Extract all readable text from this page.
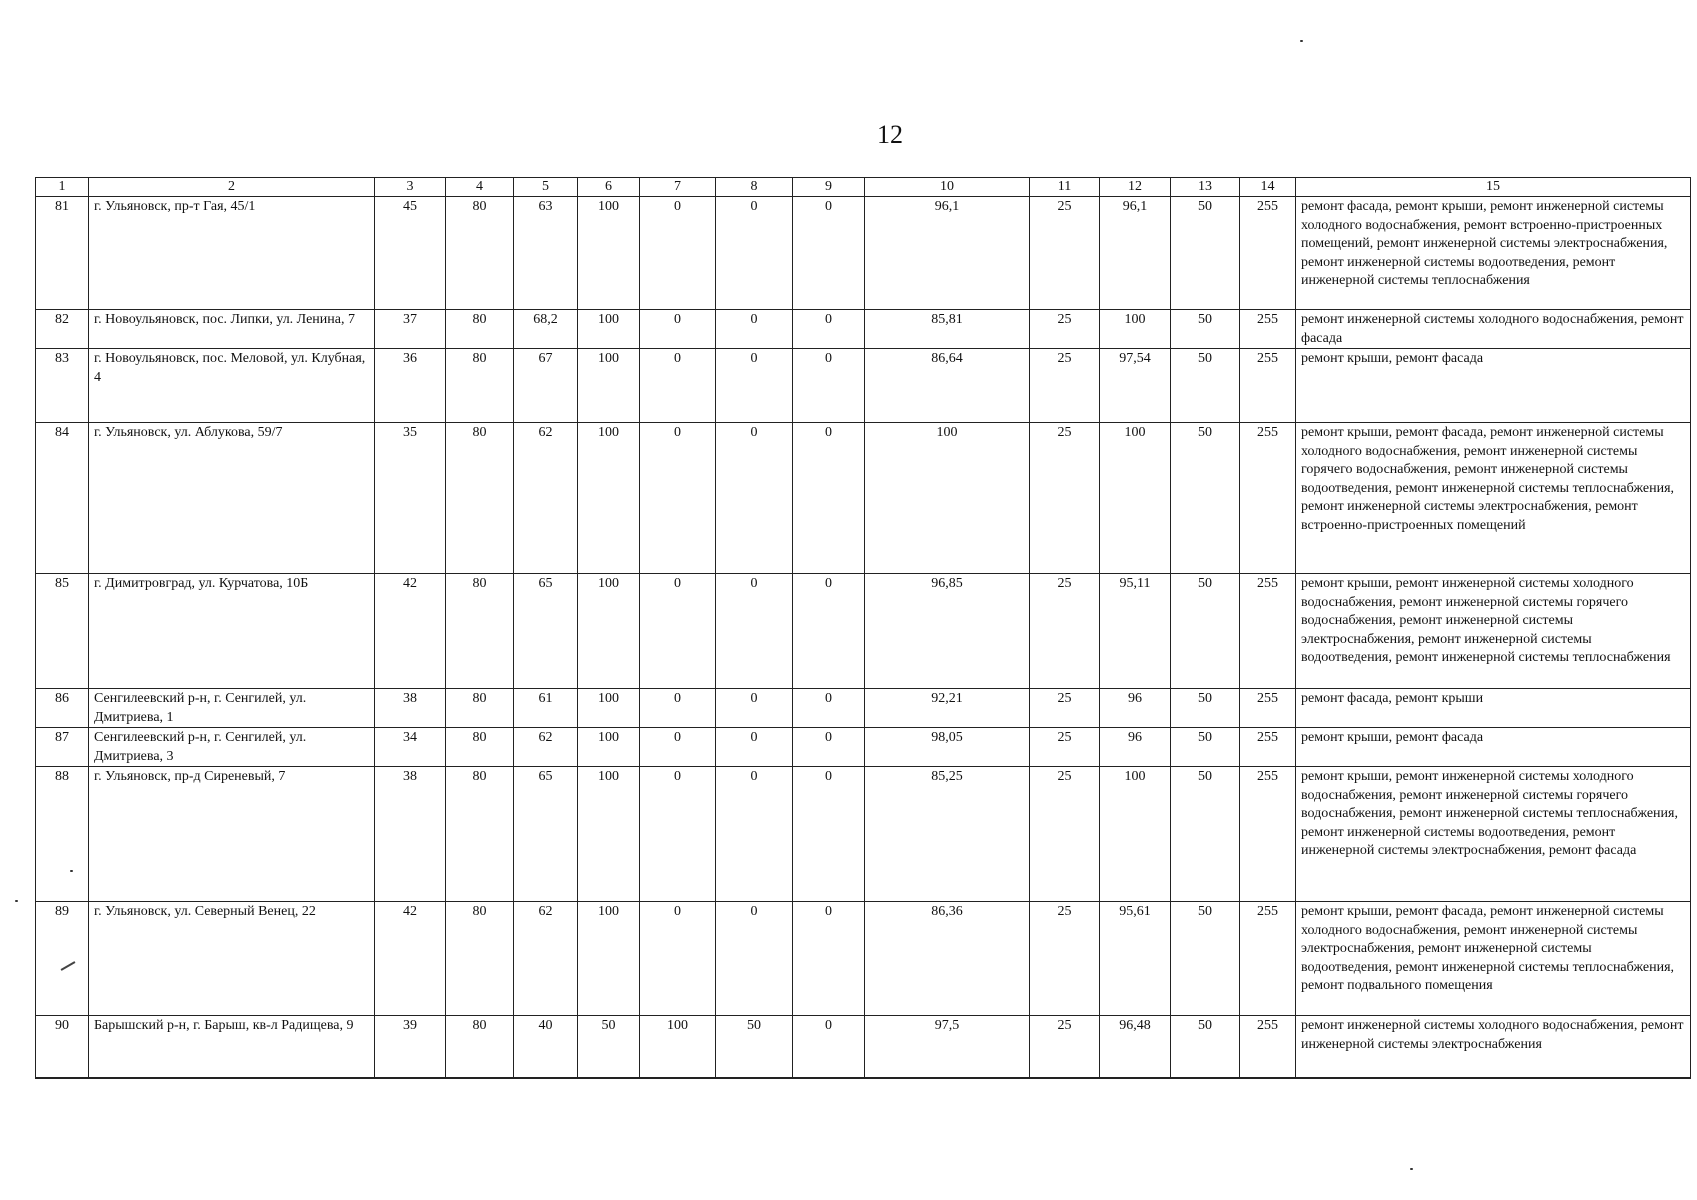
12
1	2	3	4	5	6	7	8	9	10	11	12	13	14	15
81	г. Ульяновск, пр-т Гая, 45/1	45	80	63	100	0	0	0	96,1	25	96,1	50	255	ремонт фасада, ремонт крыши, ремонт инженерной системы холодного водоснабжения, ремонт встроенно-пристроенных помещений, ремонт инженерной системы электроснабжения, ремонт инженерной системы водоотведения, ремонт инженерной системы теплоснабжения
82	г. Новоульяновск, пос. Липки, ул. Ленина, 7	37	80	68,2	100	0	0	0	85,81	25	100	50	255	ремонт инженерной системы холодного водоснабжения, ремонт фасада
83	г. Новоульяновск, пос. Меловой, ул. Клубная, 4	36	80	67	100	0	0	0	86,64	25	97,54	50	255	ремонт крыши, ремонт фасада
84	г. Ульяновск, ул. Аблукова, 59/7	35	80	62	100	0	0	0	100	25	100	50	255	ремонт крыши, ремонт фасада, ремонт инженерной системы холодного водоснабжения, ремонт инженерной системы горячего водоснабжения, ремонт инженерной системы водоотведения, ремонт инженерной системы теплоснабжения, ремонт инженерной системы электроснабжения, ремонт встроенно-пристроенных помещений
85	г. Димитровград, ул. Курчатова, 10Б	42	80	65	100	0	0	0	96,85	25	95,11	50	255	ремонт крыши, ремонт инженерной системы холодного водоснабжения, ремонт инженерной системы горячего водоснабжения, ремонт инженерной системы электроснабжения, ремонт инженерной системы водоотведения, ремонт инженерной системы теплоснабжения
86	Сенгилеевский р-н, г. Сенгилей, ул. Дмитриева, 1	38	80	61	100	0	0	0	92,21	25	96	50	255	ремонт фасада, ремонт крыши
87	Сенгилеевский р-н, г. Сенгилей, ул. Дмитриева, 3	34	80	62	100	0	0	0	98,05	25	96	50	255	ремонт крыши, ремонт фасада
88	г. Ульяновск, пр-д Сиреневый, 7	38	80	65	100	0	0	0	85,25	25	100	50	255	ремонт крыши, ремонт инженерной системы холодного водоснабжения, ремонт инженерной системы горячего водоснабжения, ремонт инженерной системы теплоснабжения, ремонт инженерной системы водоотведения, ремонт инженерной системы электроснабжения, ремонт фасада
89	г. Ульяновск, ул. Северный Венец, 22	42	80	62	100	0	0	0	86,36	25	95,61	50	255	ремонт крыши, ремонт фасада, ремонт инженерной системы холодного водоснабжения, ремонт инженерной системы электроснабжения, ремонт инженерной системы водоотведения, ремонт инженерной системы теплоснабжения, ремонт подвального помещения
90	Барышский р-н, г. Барыш, кв-л Радищева, 9	39	80	40	50	100	50	0	97,5	25	96,48	50	255	ремонт инженерной системы холодного водоснабжения, ремонт инженерной системы электроснабжения
